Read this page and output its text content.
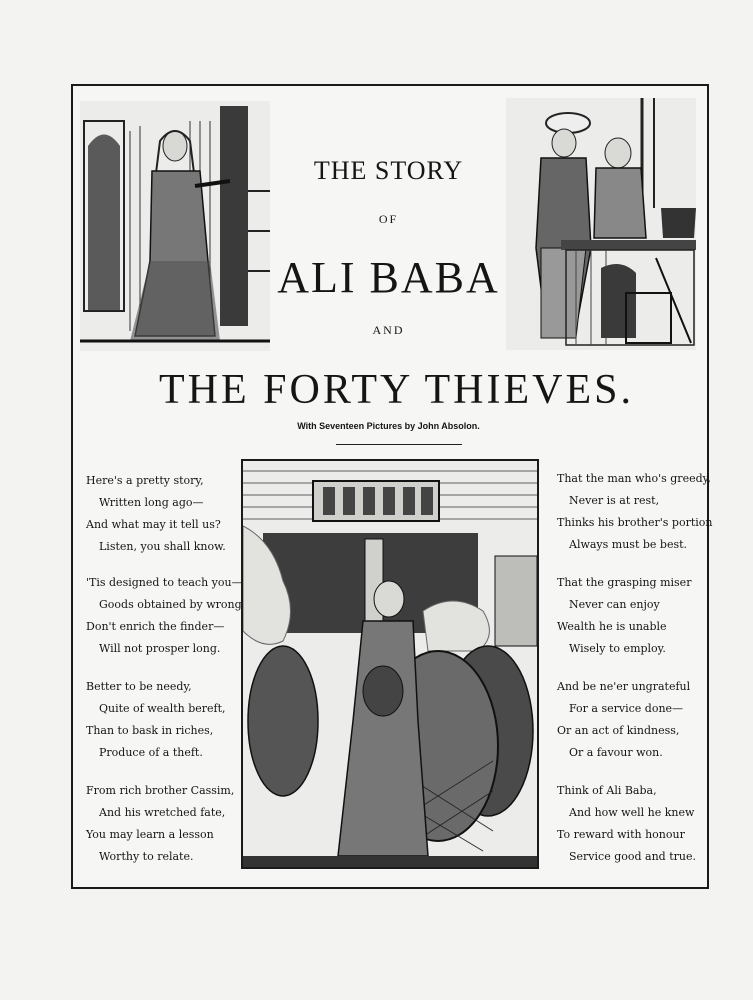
THE STORY
OF
ALI BABA
AND
THE FORTY THIEVES.
With Seventeen Pictures by John Absolon.
Here's a pretty story,
Written long ago—
And what may it tell us?
Listen, you shall know.
'Tis designed to teach you—
Goods obtained by wrong
Don't enrich the finder—
Will not prosper long.
Better to be needy,
Quite of wealth bereft,
Than to bask in riches,
Produce of a theft.
From rich brother Cassim,
And his wretched fate,
You may learn a lesson
Worthy to relate.
That the man who's greedy,
Never is at rest,
Thinks his brother's portion
Always must be best.
That the grasping miser
Never can enjoy
Wealth he is unable
Wisely to employ.
And be ne'er ungrateful
For a service done—
Or an act of kindness,
Or a favour won.
Think of Ali Baba,
And how well he knew
To reward with honour
Service good and true.
